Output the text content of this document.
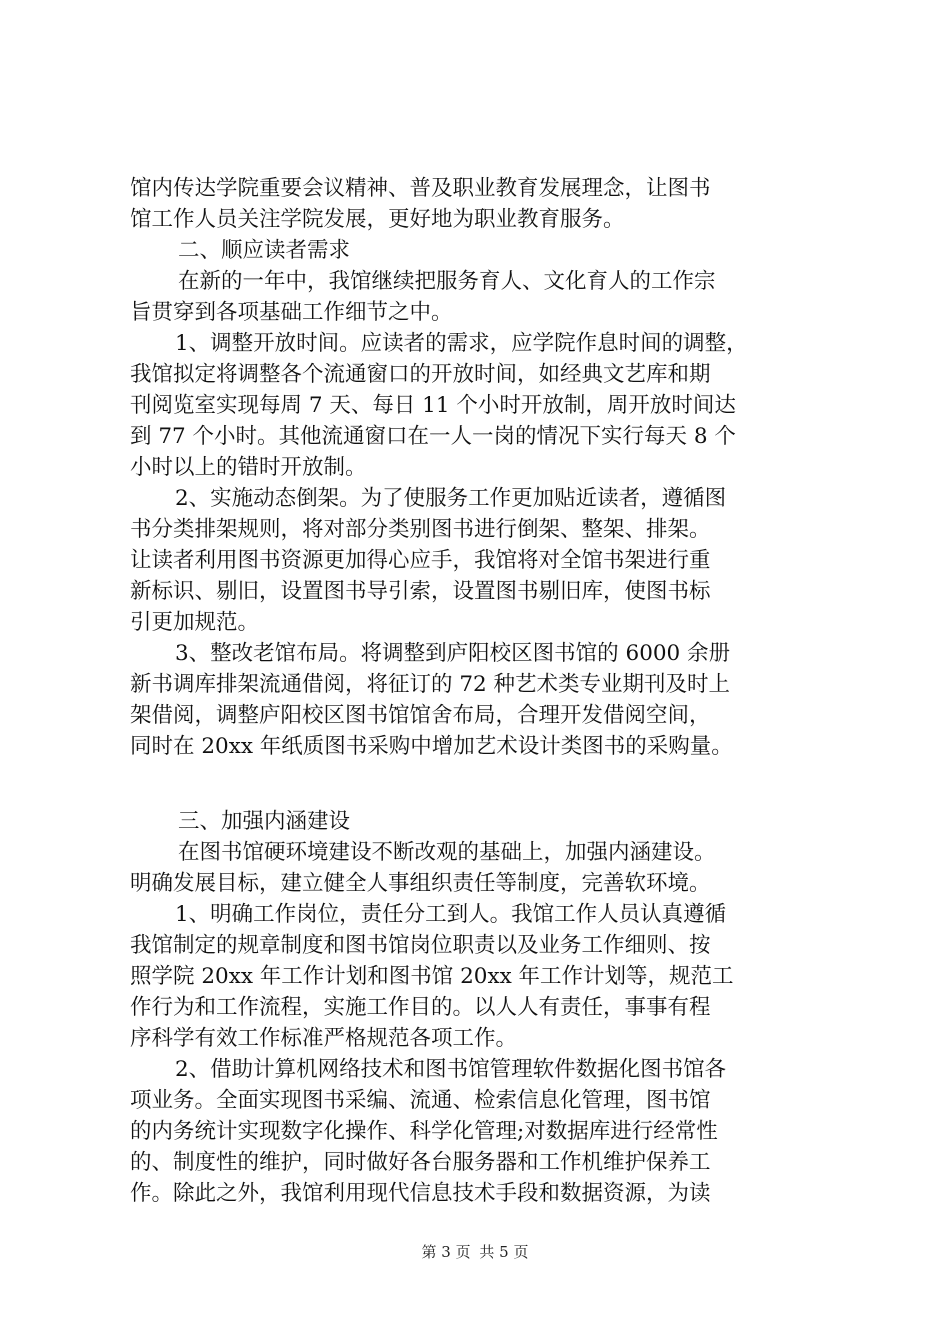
馆内传达学院重要会议精神、普及职业教育发展理念，让图书
馆工作人员关注学院发展，更好地为职业教育服务。
二、顺应读者需求
在新的一年中，我馆继续把服务育人、文化育人的工作宗
旨贯穿到各项基础工作细节之中。
1、调整开放时间。应读者的需求，应学院作息时间的调整，
我馆拟定将调整各个流通窗口的开放时间，如经典文艺库和期
刊阅览室实现每周 7 天、每日 11 个小时开放制，周开放时间达
到 77 个小时。其他流通窗口在一人一岗的情况下实行每天 8 个
小时以上的错时开放制。
2、实施动态倒架。为了使服务工作更加贴近读者，遵循图
书分类排架规则，将对部分类别图书进行倒架、整架、排架。
让读者利用图书资源更加得心应手，我馆将对全馆书架进行重
新标识、剔旧，设置图书导引索，设置图书剔旧库，使图书标
引更加规范。
3、整改老馆布局。将调整到庐阳校区图书馆的 6000 余册
新书调库排架流通借阅，将征订的 72 种艺术类专业期刊及时上
架借阅，调整庐阳校区图书馆馆舍布局，合理开发借阅空间，
同时在 20xx 年纸质图书采购中增加艺术设计类图书的采购量。
三、加强内涵建设
在图书馆硬环境建设不断改观的基础上，加强内涵建设。
明确发展目标，建立健全人事组织责任等制度，完善软环境。
1、明确工作岗位，责任分工到人。我馆工作人员认真遵循
我馆制定的规章制度和图书馆岗位职责以及业务工作细则、按
照学院 20xx 年工作计划和图书馆 20xx 年工作计划等，规范工
作行为和工作流程，实施工作目的。以人人有责任，事事有程
序科学有效工作标准严格规范各项工作。
2、借助计算机网络技术和图书馆管理软件数据化图书馆各
项业务。全面实现图书采编、流通、检索信息化管理，图书馆
的内务统计实现数字化操作、科学化管理;对数据库进行经常性
的、制度性的维护，同时做好各台服务器和工作机维护保养工
作。除此之外，我馆利用现代信息技术手段和数据资源，为读
第 3 页 共 5 页
